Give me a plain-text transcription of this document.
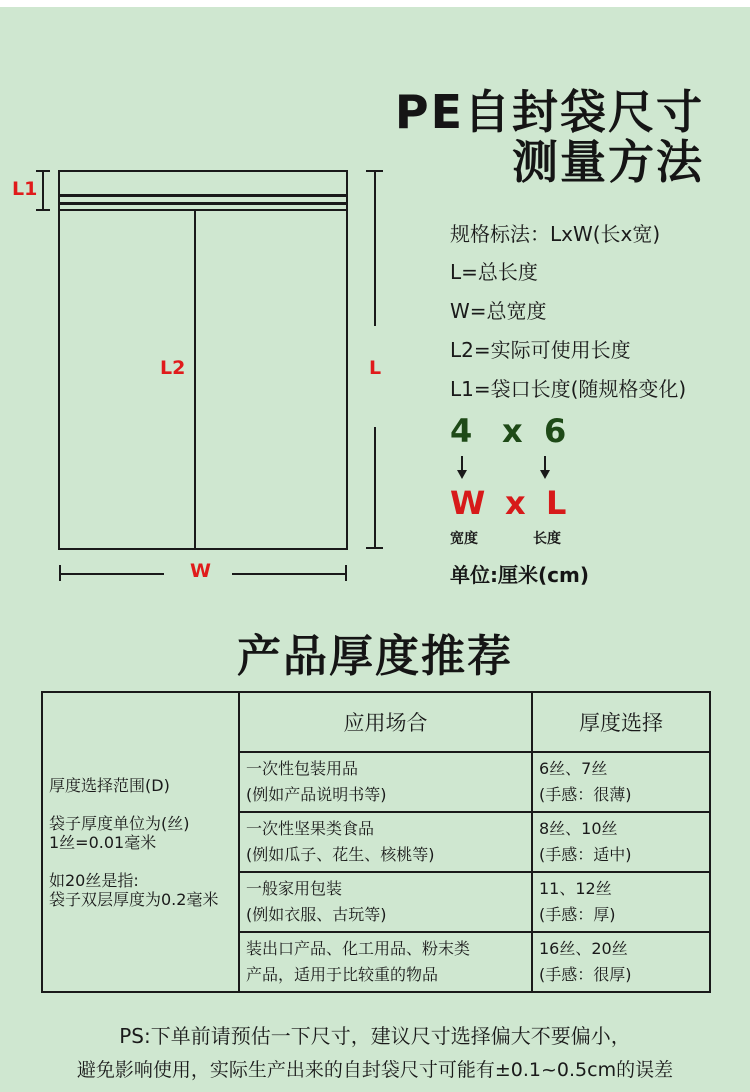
PE自封袋尺寸
测量方法
L1
L2	L
W
规格标法：LxW(长x宽)
L=总长度
W=总宽度
L2=实际可使用长度
L1=袋口长度(随规格变化)
4 x 6
W x L
宽度	长度
单位:厘米(cm)
产品厚度推荐
厚度选择范围(D)
袋子厚度单位为(丝)
1丝=0.01毫米
如20丝是指:
袋子双层厚度为0.2毫米	应用场合	厚度选择

	一次性包装用品
(例如产品说明书等)	6丝、7丝
(手感：很薄)

	一次性坚果类食品
(例如瓜子、花生、核桃等)	8丝、10丝
(手感：适中)

	一般家用包装
(例如衣服、古玩等)	11、12丝
(手感：厚)

	装出口产品、化工用品、粉末类
产品，适用于比较重的物品	16丝、20丝
(手感：很厚)
PS:下单前请预估一下尺寸，建议尺寸选择偏大不要偏小，
避免影响使用，实际生产出来的自封袋尺寸可能有±0.1~0.5cm的误差
